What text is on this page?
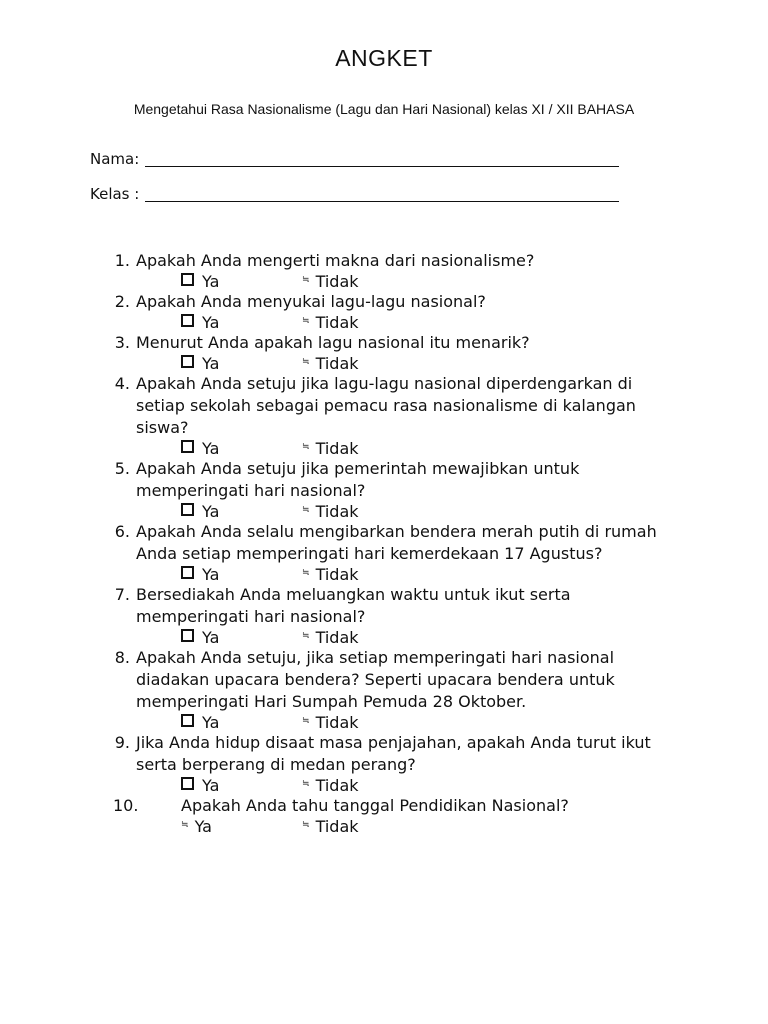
ANGKET
Mengetahui Rasa Nasionalisme (Lagu dan Hari Nasional) kelas XI / XII BAHASA
Nama:
Kelas :
1. Apakah Anda mengerti makna dari nasionalisme?
Ya	≒ Tidak
2. Apakah Anda menyukai lagu-lagu nasional?
Ya	≒ Tidak
3. Menurut Anda apakah lagu nasional itu menarik?
Ya	≒ Tidak
4. Apakah Anda setuju jika lagu-lagu nasional diperdengarkan di setiap sekolah sebagai pemacu rasa nasionalisme di kalangan siswa?
Ya	≒ Tidak
5. Apakah Anda setuju jika pemerintah mewajibkan untuk memperingati hari nasional?
Ya	≒ Tidak
6. Apakah Anda selalu mengibarkan bendera merah putih di rumah Anda setiap memperingati hari kemerdekaan 17 Agustus?
Ya	≒ Tidak
7. Bersediakah Anda meluangkan waktu untuk ikut serta memperingati hari nasional?
Ya	≒ Tidak
8. Apakah Anda setuju, jika setiap memperingati hari nasional diadakan upacara bendera? Seperti upacara bendera untuk memperingati Hari Sumpah Pemuda 28 Oktober.
Ya	≒ Tidak
9. Jika Anda hidup disaat masa penjajahan, apakah Anda turut ikut serta berperang di medan perang?
Ya	≒ Tidak
10.	Apakah Anda tahu tanggal Pendidikan Nasional?
≒ Ya	≒ Tidak
